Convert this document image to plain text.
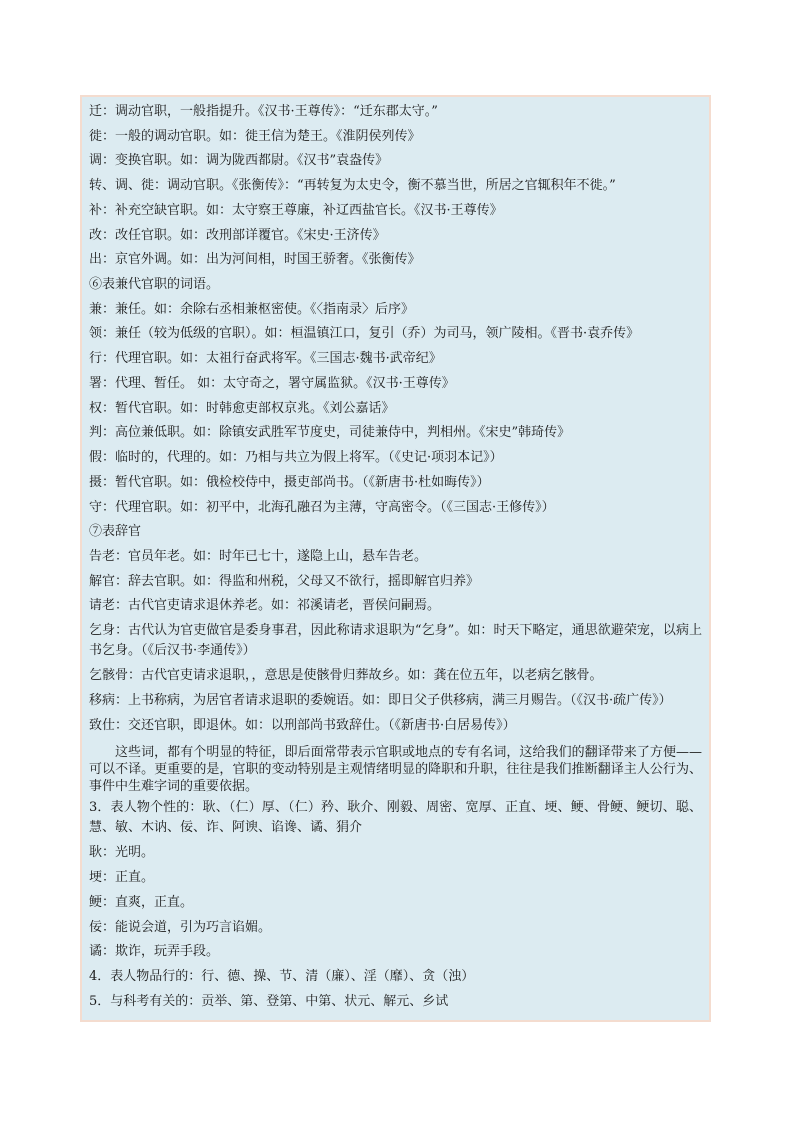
迁：调动官职，一般指提升。《汉书·王尊传》：“迁东郡太守。”
徙：一般的调动官职。如：徙王信为楚王。《淮阴侯列传》
调：变换官职。如：调为陇西都尉。《汉书”袁盎传》
转、调、徙：调动官职。《张衡传》：“再转复为太史令，衡不慕当世，所居之官辄积年不徙。”
补：补充空缺官职。如：太守察王尊廉，补辽西盐官长。《汉书·王尊传》
改：改任官职。如：改刑部详覆官。《宋史·王济传》
出：京官外调。如：出为河间相，时国王骄奢。《张衡传》
⑥表兼代官职的词语。
兼：兼任。如：余除右丞相兼枢密使。《〈指南录〉后序》
领：兼任（较为低级的官职）。如：桓温镇江口，复引（乔）为司马，领广陵相。《晋书·袁乔传》
行：代理官职。如：太祖行奋武将军。《三国志·魏书·武帝纪》
署：代理、暂任。 如：太守奇之，署守属监狱。《汉书·王尊传》
权：暂代官职。如：时韩愈吏部权京兆。《刘公嘉话》
判：高位兼低职。如：除镇安武胜军节度史，司徒兼侍中，判相州。《宋史”韩琦传》
假：临时的，代理的。如：乃相与共立为假上将军。（《史记·项羽本记》）
摄：暂代官职。如：俄检校侍中，摄吏部尚书。（《新唐书·杜如晦传》）
守：代理官职。如：初平中，北海孔融召为主薄，守高密令。（《三国志·王修传》）
⑦表辞官
告老：官员年老。如：时年已七十，遂隐上山，悬车告老。
解官：辞去官职。如：得监和州税，父母又不欲行，摇即解官归养》
请老：古代官吏请求退休养老。如：祁溪请老，晋侯问嗣焉。
乞身：古代认为官吏做官是委身事君，因此称请求退职为“乞身”。如：时天下略定，通思欲避荣宠，以病上书乞身。（《后汉书·李通传》）
乞骸骨：古代官吏请求退职，，意思是使骸骨归葬故乡。如：龚在位五年，以老病乞骸骨。
移病：上书称病，为居官者请求退职的委婉语。如：即日父子供移病，满三月赐告。（《汉书·疏广传》）
致仕：交还官职，即退休。如：以刑部尚书致辞仕。（《新唐书·白居易传》）
这些词，都有个明显的特征，即后面常带表示官职或地点的专有名词，这给我们的翻译带来了方便——可以不译。更重要的是，官职的变动特别是主观情绪明显的降职和升职，往往是我们推断翻译主人公行为、事件中生难字词的重要依据。
3．表人物个性的：耿、（仁）厚、（仁）矜、耿介、刚毅、周密、宽厚、正直、埂、鲠、骨鲠、鲠切、聪、慧、敏、木讷、佞、诈、阿谀、谄谗、谲、狷介
耿：光明。
埂：正直。
鲠：直爽，正直。
佞：能说会道，引为巧言谄媚。
谲：欺诈，玩弄手段。
4．表人物品行的：行、德、操、节、清（廉）、淫（靡）、贪（浊）
5．与科考有关的：贡举、第、登第、中第、状元、解元、乡试
